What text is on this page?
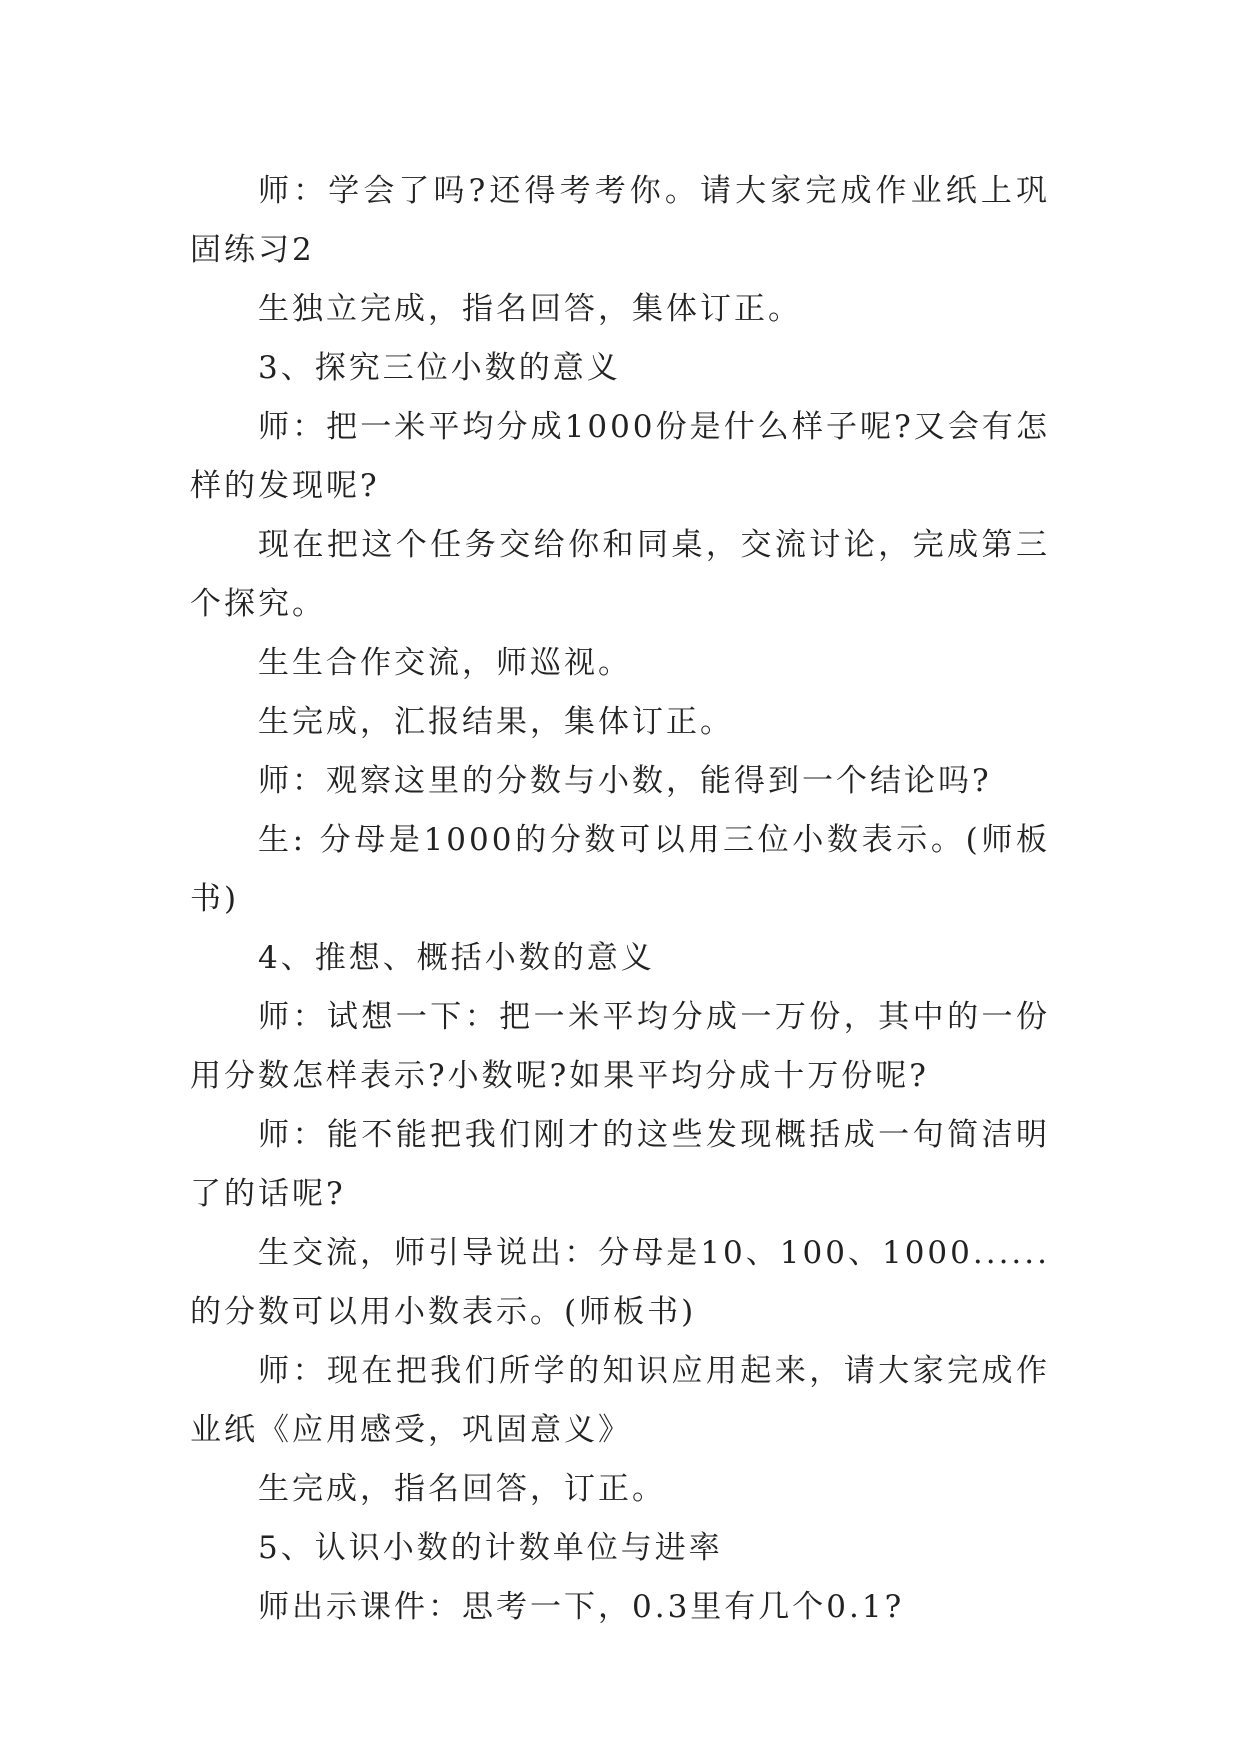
师：学会了吗?还得考考你。请大家完成作业纸上巩固练习2

生独立完成，指名回答，集体订正。

3、探究三位小数的意义

师：把一米平均分成1000份是什么样子呢?又会有怎样的发现呢?

现在把这个任务交给你和同桌，交流讨论，完成第三个探究。

生生合作交流，师巡视。

生完成，汇报结果，集体订正。

师：观察这里的分数与小数，能得到一个结论吗?

生: 分母是1000的分数可以用三位小数表示。(师板书)

4、推想、概括小数的意义

师：试想一下：把一米平均分成一万份，其中的一份用分数怎样表示?小数呢?如果平均分成十万份呢?

师：能不能把我们刚才的这些发现概括成一句简洁明了的话呢?

生交流，师引导说出：分母是10、100、1000......的分数可以用小数表示。(师板书)

师：现在把我们所学的知识应用起来，请大家完成作业纸《应用感受，巩固意义》

生完成，指名回答，订正。

5、认识小数的计数单位与进率

师出示课件：思考一下，0.3里有几个0.1?
